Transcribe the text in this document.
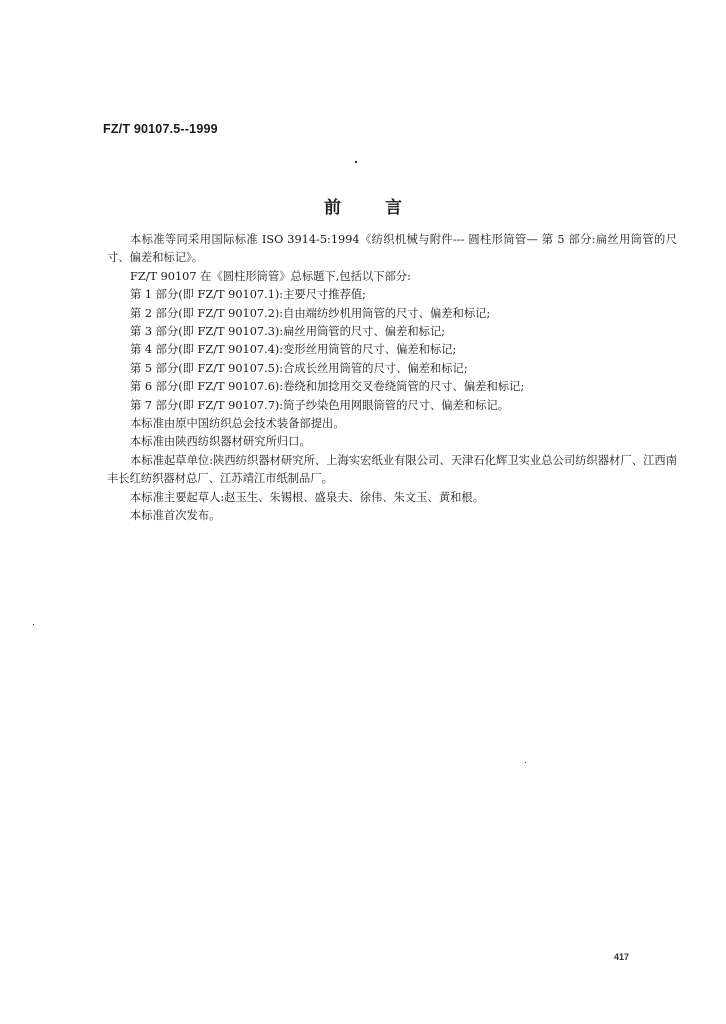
FZ/T 90107.5--1999
前	言

本标准等同采用国际标准 ISO 3914-5:1994《纺织机械与附件--- 圆柱形筒管— 第 5 部分:扁丝用筒管的尺寸、偏差和标记》。

FZ/T 90107 在《圆柱形筒管》总标题下,包括以下部分:

第 1 部分(即 FZ/T 90107.1):主要尺寸推荐值;

第 2 部分(即 FZ/T 90107.2):自由端纺纱机用筒管的尺寸、偏差和标记;

第 3 部分(即 FZ/T 90107.3):扁丝用筒管的尺寸、偏差和标记;

第 4 部分(即 FZ/T 90107.4):变形丝用筒管的尺寸、偏差和标记;

第 5 部分(即 FZ/T 90107.5):合成长丝用筒管的尺寸、偏差和标记;

第 6 部分(即 FZ/T 90107.6):卷绕和加捻用交叉卷绕筒管的尺寸、偏差和标记;

第 7 部分(即 FZ/T 90107.7):筒子纱染色用网眼筒管的尺寸、偏差和标记。

本标准由原中国纺织总会技术装备部提出。

本标准由陕西纺织器材研究所归口。

本标准起草单位:陕西纺织器材研究所、上海实宏纸业有限公司、天津石化辉卫实业总公司纺织器材厂、江西南丰长红纺织器材总厂、江苏靖江市纸制品厂。

本标准主要起草人:赵玉生、朱锡根、盛泉夫、徐伟、朱文玉、黄和根。

本标准首次发布。

417
